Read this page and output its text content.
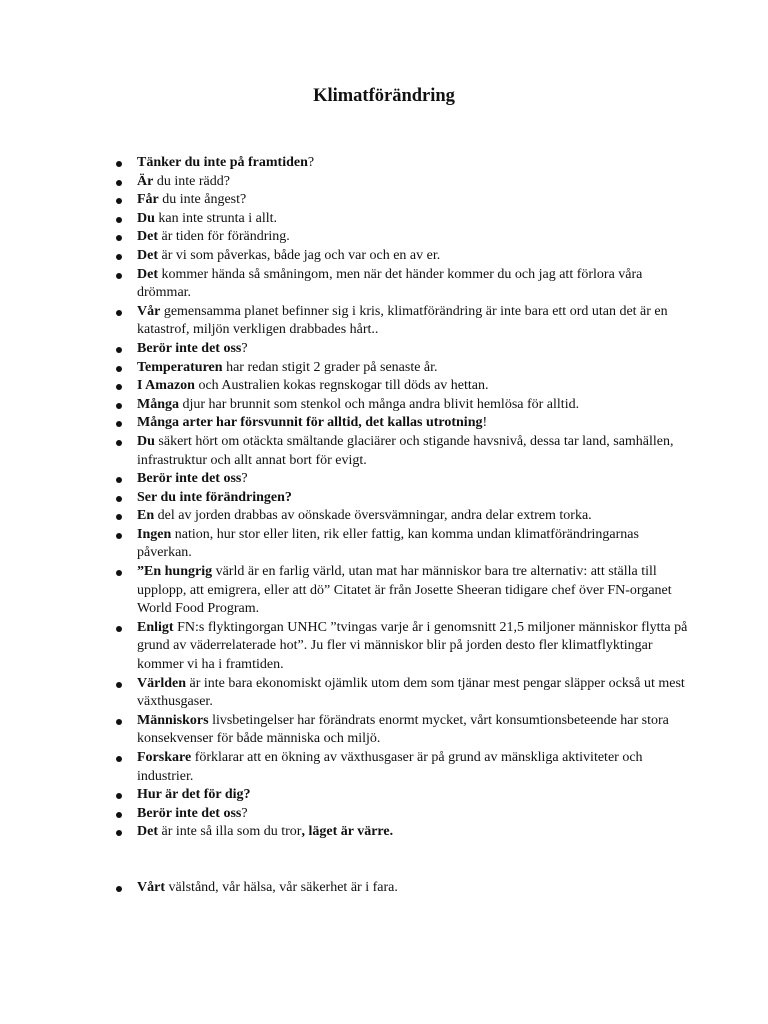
Klimatförändring
Tänker du inte på framtiden?
Är du inte rädd?
Får du inte ångest?
Du kan inte strunta i allt.
Det är tiden för förändring.
Det är vi som påverkas, både jag och var och en av er.
Det kommer hända så småningom, men när det händer kommer du och jag att förlora våra drömmar.
Vår gemensamma planet befinner sig i kris, klimatförändring är inte bara ett ord utan det är en katastrof, miljön verkligen drabbades hårt..
Berör inte det oss?
Temperaturen har redan stigit 2 grader på senaste år.
I Amazon och Australien kokas regnskogar till döds av hettan.
Många djur har brunnit som stenkol och många andra blivit hemlösa för alltid.
Många arter har försvunnit för alltid, det kallas utrotning!
Du säkert hört om otäckta smältande glaciärer och stigande havsnivå, dessa tar land, samhällen, infrastruktur och allt annat bort för evigt.
Berör inte det oss?
Ser du inte förändringen?
En del av jorden drabbas av oönskade översvämningar, andra delar extrem torka.
Ingen nation, hur stor eller liten, rik eller fattig, kan komma undan klimatförändringarnas påverkan.
”En hungrig värld är en farlig värld, utan mat har människor bara tre alternativ: att ställa till upplopp, att emigrera, eller att dö” Citatet är från Josette Sheeran tidigare chef över FN-organet World Food Program.
Enligt FN:s flyktingorgan UNHC ”tvingas varje år i genomsnitt 21,5 miljoner människor flytta på grund av väderrelaterade hot”. Ju fler vi människor blir på jorden desto fler klimatflyktingar kommer vi ha i framtiden.
Världen är inte bara ekonomiskt ojämlik utom dem som tjänar mest pengar släpper också ut mest växthusgaser.
Människors livsbetingelser har förändrats enormt mycket, vårt konsumtionsbeteende har stora konsekvenser för både människa och miljö.
Forskare förklarar att en ökning av växthusgaser är på grund av mänskliga aktiviteter och industrier.
Hur är det för dig?
Berör inte det oss?
Det är inte så illa som du tror, läget är värre.
Vårt välstånd, vår hälsa, vår säkerhet är i fara.
